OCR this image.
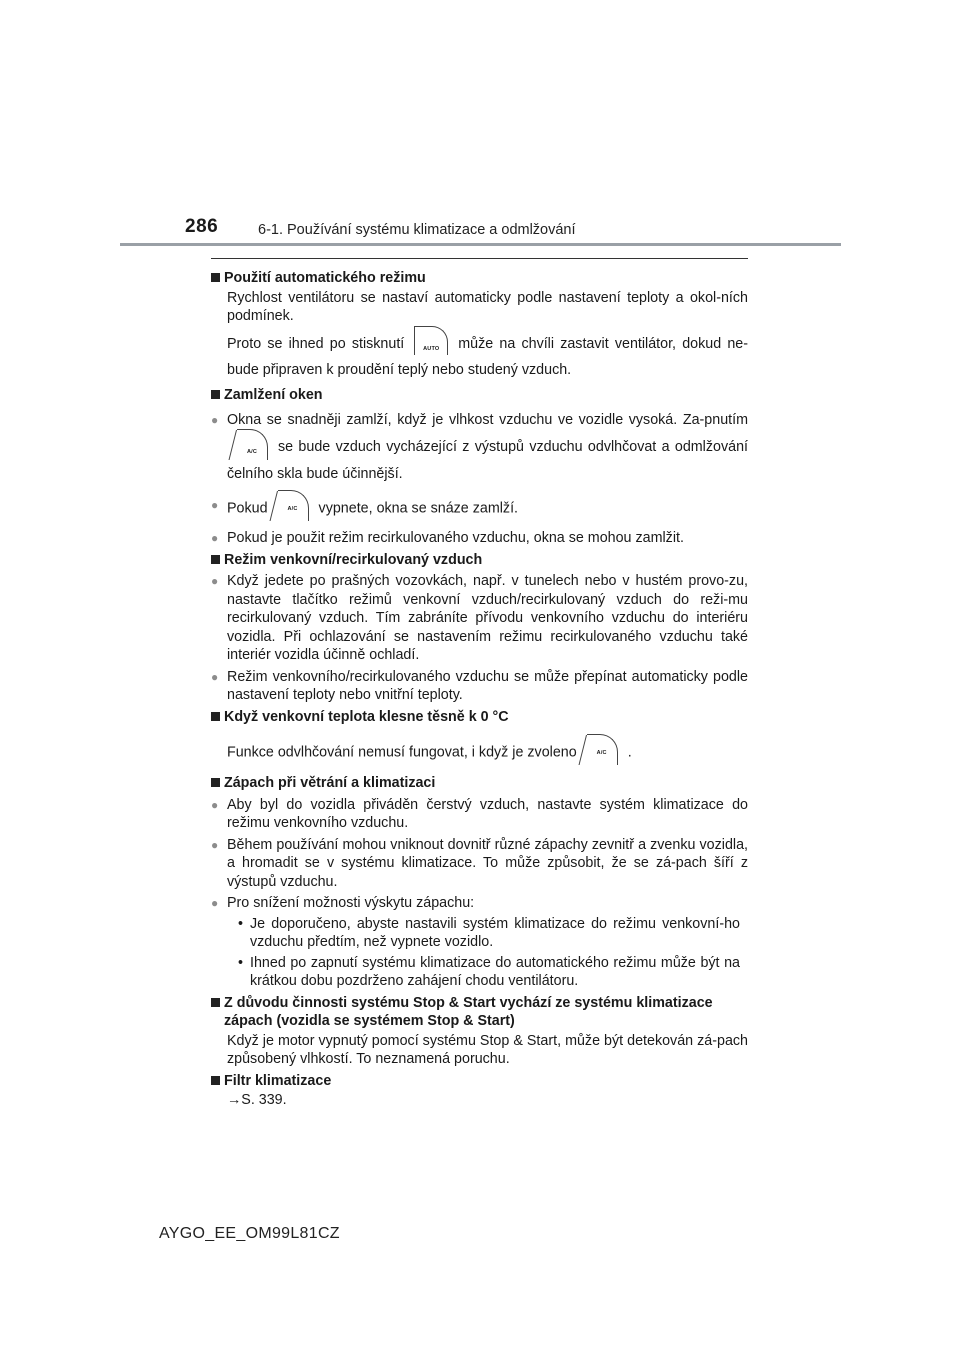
286	6-1. Používání systému klimatizace a odmlžování
Použití automatického režimu
Rychlost ventilátoru se nastaví automaticky podle nastavení teploty a okol-ních podmínek.
Proto se ihned po stisknutí	AUTO	může na chvíli zastavit ventilátor, dokud ne-bude připraven k proudění teplý nebo studený vzduch.
Zamlžení oken
● Okna se snadněji zamlží, když je vlhkost vzduchu ve vozidle vysoká. Za-pnutím
A/C	se bude vzduch vycházející z výstupů vzduchu odvlhčovat a odmlžování čelního skla bude účinnější.
● Pokud	A/C	vypnete, okna se snáze zamlží.
● Pokud je použit režim recirkulovaného vzduchu, okna se mohou zamlžit.
Režim venkovní/recirkulovaný vzduch
● Když jedete po prašných vozovkách, např. v tunelech nebo v hustém provo-zu, nastavte tlačítko režimů venkovní vzduch/recirkulovaný vzduch do reži-mu recirkulovaný vzduch. Tím zabráníte přívodu venkovního vzduchu do interiéru vozidla. Při ochlazování se nastavením režimu recirkulovaného vzduchu také interiér vozidla účinně ochladí.
● Režim venkovního/recirkulovaného vzduchu se může přepínat automaticky podle nastavení teploty nebo vnitřní teploty.
Když venkovní teplota klesne těsně k 0 °C
Funkce odvlhčování nemusí fungovat, i když je zvoleno	A/C	.
Zápach při větrání a klimatizaci
● Aby byl do vozidla přiváděn čerstvý vzduch, nastavte systém klimatizace do režimu venkovního vzduchu.
● Během používání mohou vniknout dovnitř různé zápachy zevnitř a zvenku vozidla, a hromadit se v systému klimatizace. To může způsobit, že se zá-pach šíří z výstupů vzduchu.
● Pro snížení možnosti výskytu zápachu:
• Je doporučeno, abyste nastavili systém klimatizace do režimu venkovní-ho vzduchu předtím, než vypnete vozidlo.
• Ihned po zapnutí systému klimatizace do automatického režimu může být na krátkou dobu pozdrženo zahájení chodu ventilátoru.
Z důvodu činnosti systému Stop & Start vychází ze systému klimatizace zápach (vozidla se systémem Stop & Start)
Když je motor vypnutý pomocí systému Stop & Start, může být detekován zá-pach způsobený vlhkostí. To neznamená poruchu.
Filtr klimatizace
→S. 339.
AYGO_EE_OM99L81CZ
